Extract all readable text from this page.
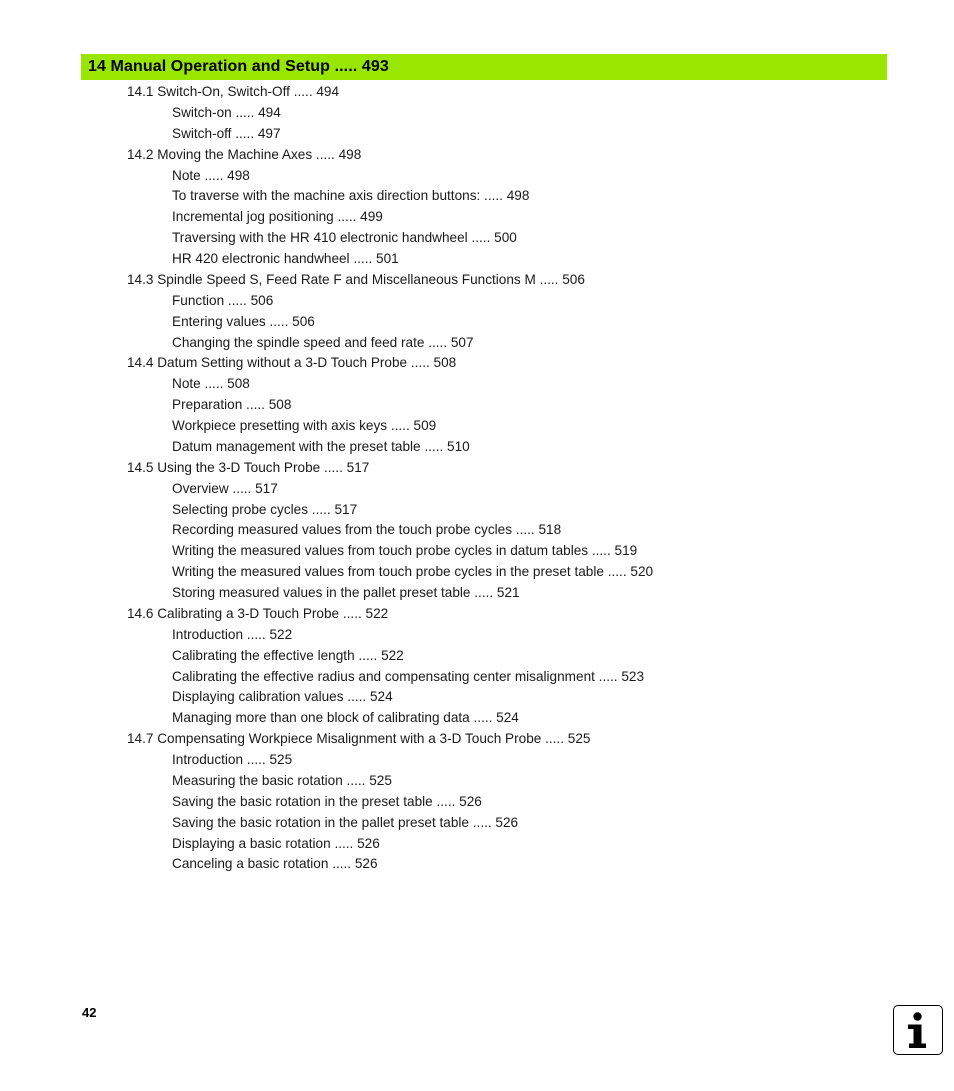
14 Manual Operation and Setup ..... 493
14.1 Switch-On, Switch-Off ..... 494
Switch-on ..... 494
Switch-off ..... 497
14.2 Moving the Machine Axes ..... 498
Note ..... 498
To traverse with the machine axis direction buttons: ..... 498
Incremental jog positioning ..... 499
Traversing with the HR 410 electronic handwheel ..... 500
HR 420 electronic handwheel ..... 501
14.3 Spindle Speed S, Feed Rate F and Miscellaneous Functions M ..... 506
Function ..... 506
Entering values ..... 506
Changing the spindle speed and feed rate ..... 507
14.4 Datum Setting without a 3-D Touch Probe ..... 508
Note ..... 508
Preparation ..... 508
Workpiece presetting with axis keys ..... 509
Datum management with the preset table ..... 510
14.5 Using the 3-D Touch Probe ..... 517
Overview ..... 517
Selecting probe cycles ..... 517
Recording measured values from the touch probe cycles ..... 518
Writing the measured values from touch probe cycles in datum tables ..... 519
Writing the measured values from touch probe cycles in the preset table ..... 520
Storing measured values in the pallet preset table ..... 521
14.6 Calibrating a 3-D Touch Probe ..... 522
Introduction ..... 522
Calibrating the effective length ..... 522
Calibrating the effective radius and compensating center misalignment ..... 523
Displaying calibration values ..... 524
Managing more than one block of calibrating data ..... 524
14.7 Compensating Workpiece Misalignment with a 3-D Touch Probe ..... 525
Introduction ..... 525
Measuring the basic rotation ..... 525
Saving the basic rotation in the preset table ..... 526
Saving the basic rotation in the pallet preset table ..... 526
Displaying a basic rotation ..... 526
Canceling a basic rotation ..... 526
42
